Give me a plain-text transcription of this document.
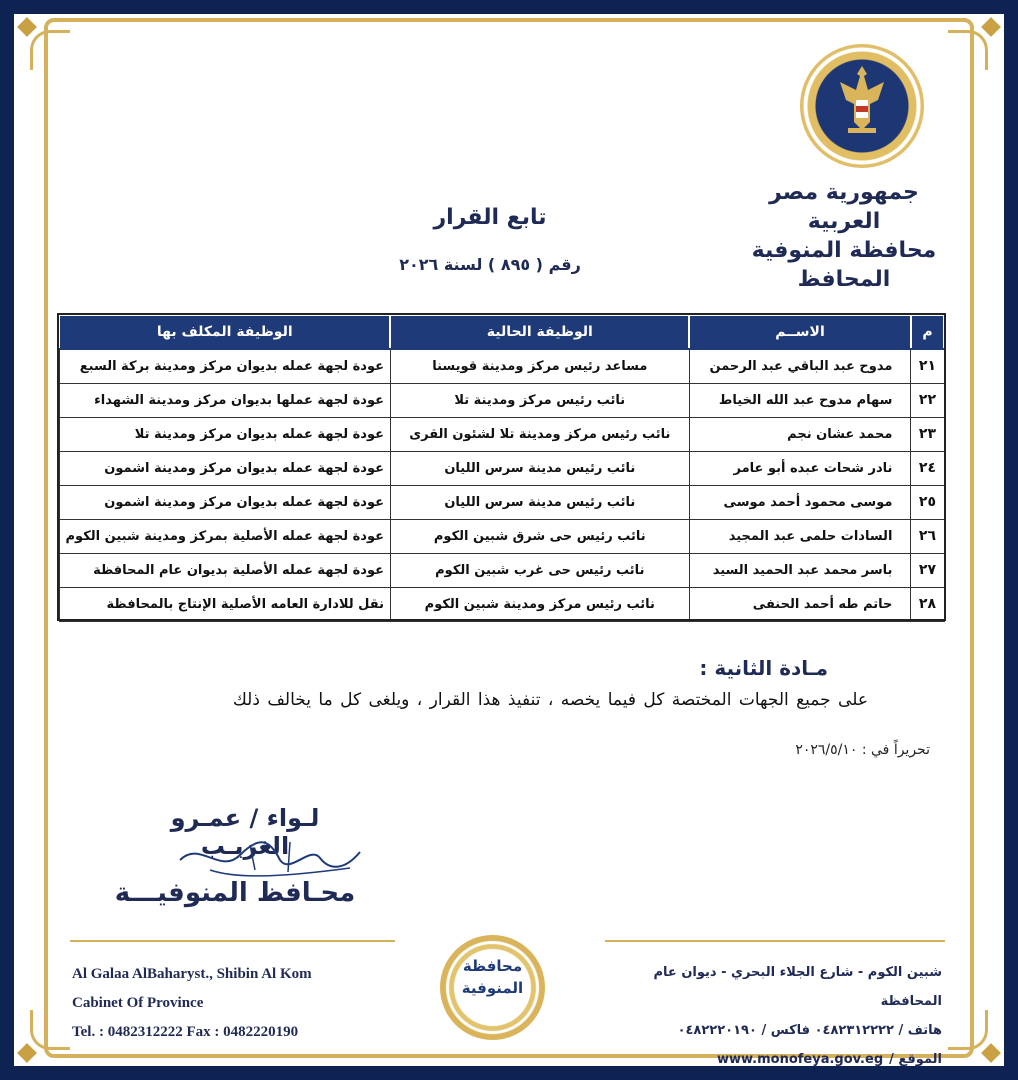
جمهورية مصر العربية
محافظة المنوفية
المحافظ
تابع القرار
رقم ( ٨٩٥ ) لسنة ٢٠٢٦
م	الاســم	الوظيفة الحالية	الوظيفة المكلف بها
٢١	مدوح عبد الباقي عبد الرحمن	مساعد رئيس مركز ومدينة قويسنا	عودة لجهة عمله بديوان مركز ومدينة بركة السبع
٢٢	سهام مدوح عبد الله الخياط	نائب رئيس مركز ومدينة تلا	عودة لجهة عملها بديوان مركز ومدينة الشهداء
٢٣	محمد عشان نجم	نائب رئيس مركز ومدينة تلا لشئون القرى	عودة لجهة عمله بديوان مركز ومدينة تلا
٢٤	نادر شحات عبده أبو عامر	نائب رئيس مدينة سرس الليان	عودة لجهة عمله بديوان مركز ومدينة اشمون
٢٥	موسى محمود أحمد موسى	نائب رئيس مدينة سرس الليان	عودة لجهة عمله بديوان مركز ومدينة اشمون
٢٦	السادات حلمى عبد المجيد	نائب رئيس حى شرق شبين الكوم	عودة لجهة عمله الأصلية بمركز ومدينة شبين الكوم
٢٧	باسر محمد عبد الحميد السيد	نائب رئيس حى غرب شبين الكوم	عودة لجهة عمله الأصلية بديوان عام المحافظة
٢٨	حاتم طه أحمد الحنفى	نائب رئيس مركز ومدينة شبين الكوم	نقل للادارة العامه الأصلية الإنتاج بالمحافظة
مـادة الثانية :
على جميع الجهات المختصة كل فيما يخصه ، تنفيذ هذا القرار ، ويلغى كل ما يخالف ذلك
تحريراً في : ٢٠٢٦/٥/١٠
لـواء / عمـرو الغريـب
محـافظ المنوفيـــة
محافظة
المنوفية
Al Galaa AlBaharyst., Shibin Al Kom
Cabinet Of Province
Tel. : 0482312222 Fax : 0482220190
شبين الكوم - شارع الجلاء البحري - ديوان عام المحافظة
هاتف / ٠٤٨٢٣١٢٢٢٢ فاكس / ٠٤٨٢٢٢٠١٩٠
الموقع /
www.monofeya.gov.eg
